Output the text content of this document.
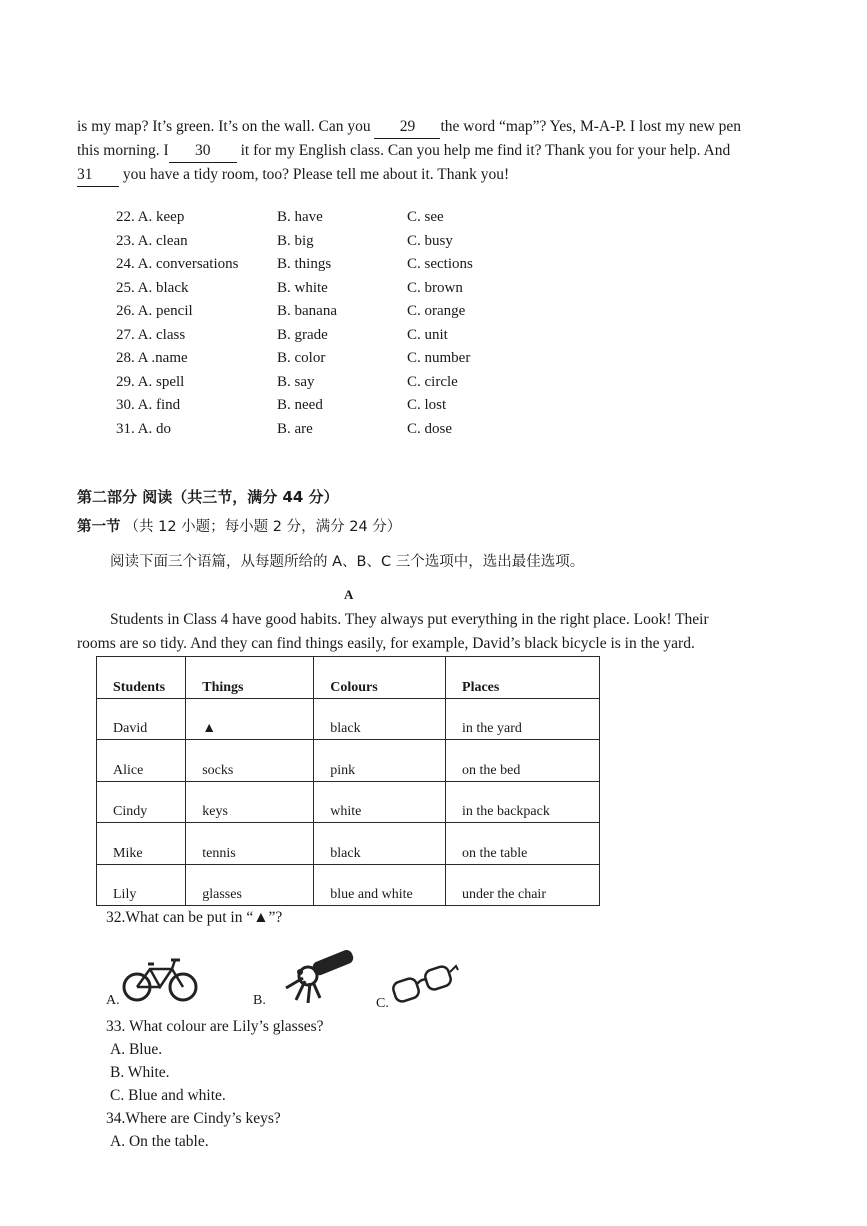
is my map? It’s green. It’s on the wall. Can you 29 the word “map”? Yes, M-A-P. I lost my new pen
this morning. I 30 it for my English class. Can you help me find it? Thank you for your help. And
31 you have a tidy room, too? Please tell me about it. Thank you!
22. A. keep	B. have	C. see
23. A. clean	B. big	C. busy
24. A. conversations	B. things	C. sections
25. A. black	B. white	C. brown
26. A. pencil	B. banana	C. orange
27. A. class	B. grade	C. unit
28. A .name	B. color	C. number
29. A. spell	B. say	C. circle
30. A. find	B. need	C. lost
31. A. do	B. are	C. dose
第二部分 阅读（共三节，满分 44 分）
第一节 （共 12 小题；每小题 2 分，满分 24 分）
阅读下面三个语篇，从每题所给的 A、B、C 三个选项中，选出最佳选项。
A
Students in Class 4 have good habits. They always put everything in the right place. Look! Their
rooms are so tidy. And they can find things easily, for example, David’s black bicycle is in the yard.
Students	Things	Colours	Places
David	▲	black	in the yard
Alice	socks	pink	on the bed
Cindy	keys	white	in the backpack
Mike	tennis	black	on the table
Lily	glasses	blue and white	under the chair
32.What can be put in “▲”?
A.	B.	C.
33. What colour are Lily’s glasses?
A. Blue.
B. White.
C. Blue and white.
34.Where are Cindy’s keys?
A. On the table.
